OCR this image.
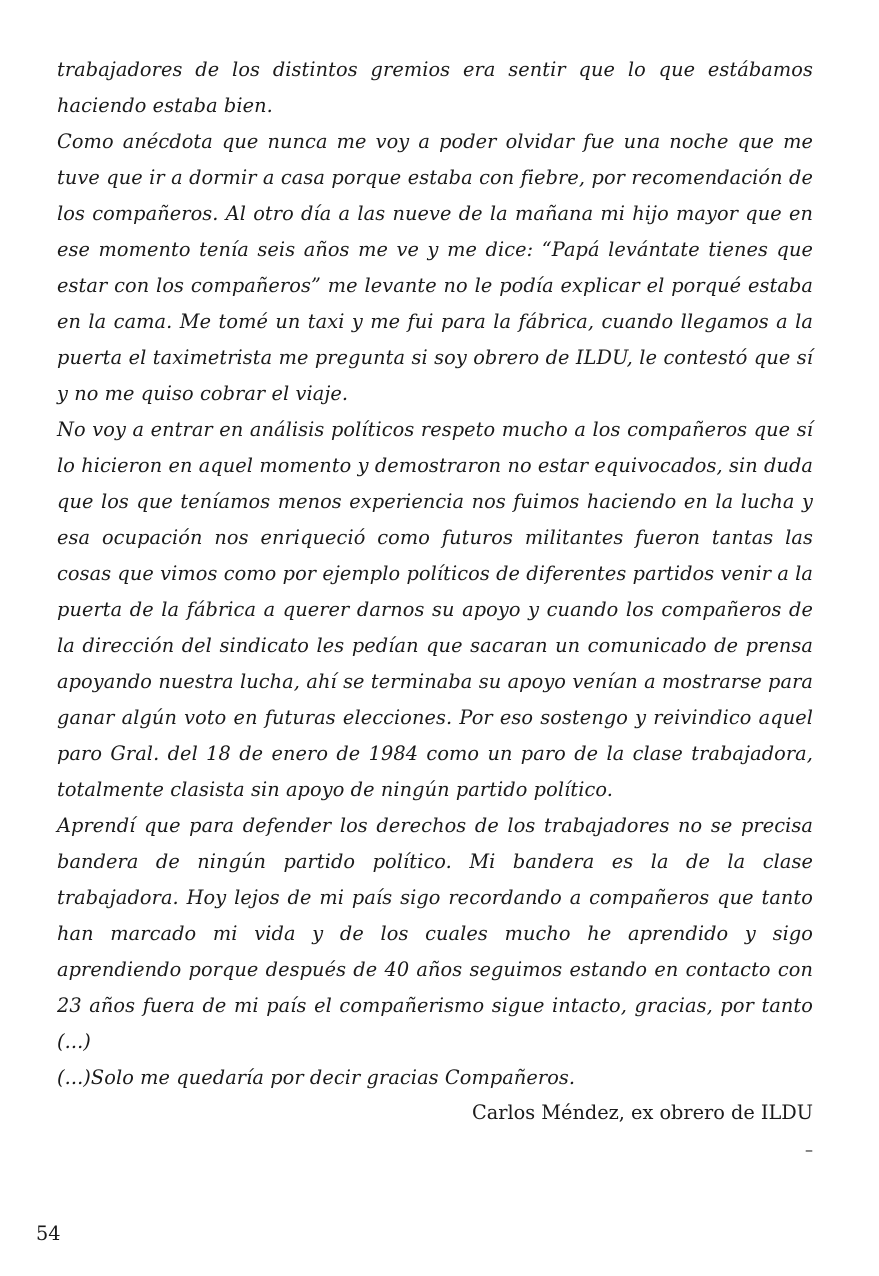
trabajadores de los distintos gremios era sentir que lo que estábamos haciendo estaba bien.

Como anécdota que nunca me voy a poder olvidar fue una noche que me tuve que ir a dormir a casa porque estaba con fiebre, por recomendación de los compañeros. Al otro día a las nueve de la mañana mi hijo mayor que en ese momento tenía seis años me ve y me dice: “Papá levántate tienes que estar con los compañeros” me levante no le podía explicar el porqué estaba en la cama. Me tomé un taxi y me fui para la fábrica, cuando llegamos a la puerta el taximetrista me pregunta si soy obrero de ILDU, le contestó que sí y no me quiso cobrar el viaje.

No voy a entrar en análisis políticos respeto mucho a los compañeros que sí lo hicieron en aquel momento y demostraron no estar equivocados, sin duda que los que teníamos menos experiencia nos fuimos haciendo en la lucha y esa ocupación nos enriqueció como futuros militantes fueron tantas las cosas que vimos como por ejemplo políticos de diferentes partidos venir a la puerta de la fábrica a querer darnos su apoyo y cuando los compañeros de la dirección del sindicato les pedían que sacaran un comunicado de prensa apoyando nuestra lucha, ahí se terminaba su apoyo venían a mostrarse para ganar algún voto en futuras elecciones. Por eso sostengo y reivindico aquel paro Gral. del 18 de enero de 1984 como un paro de la clase trabajadora, totalmente clasista sin apoyo de ningún partido político.

Aprendí que para defender los derechos de los trabajadores no se precisa bandera de ningún partido político. Mi bandera es la de la clase trabajadora. Hoy lejos de mi país sigo recordando a compañeros que tanto han marcado mi vida y de los cuales mucho he aprendido y sigo aprendiendo porque después de 40 años seguimos estando en contacto con 23 años fuera de mi país el compañerismo sigue intacto, gracias, por tanto (...)

(...)Solo me quedaría por decir gracias Compañeros.

Carlos Méndez, ex obrero de ILDU
–
54
